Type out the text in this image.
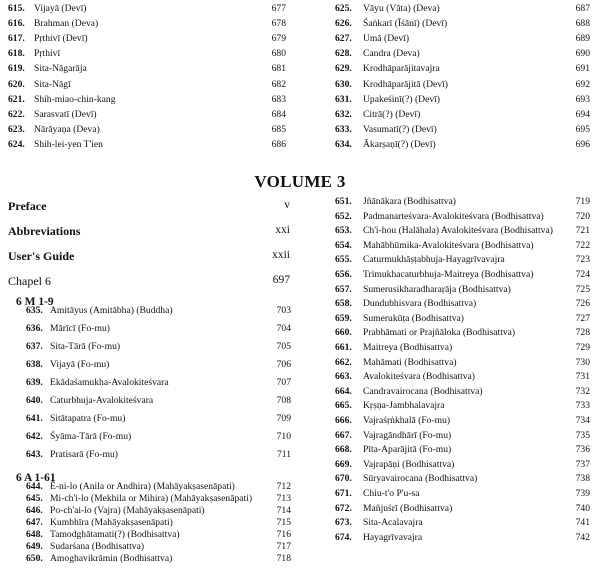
615. Vijayā (Devī)	677
616. Brahman (Deva)	678
617. Pṛthivī (Devī)	679
618. Pṛthivī	680
619. Sita-Nāgarāja	681
620. Sita-Nāgī	682
621. Shih-miao-chin-kang	683
622. Sarasvatī (Devī)	684
623. Nārāyaṇa (Deva)	685
624. Shih-lei-yen T'ien	686
625. Vāyu (Vāta) (Deva)	687
626. Śaṅkarī (Īśānī) (Devī)	688
627. Umā (Devī)	689
628. Candra (Deva)	690
629. Krodhāparājitavajra	691
630. Krodhāparājitā (Devī)	692
631. Upakeśinī(?) (Devī)	693
632. Citrā(?) (Devī)	694
633. Vasumatī(?) (Devī)	695
634. Ākarṣaṇī(?) (Devī)	696
VOLUME 3
Preface	v
Abbreviations	xxi
User's Guide	xxii
Chapel 6	697
6 M 1-9
635. Amitāyus (Amitābha) (Buddha)	703
636. Mārīcī (Fo-mu)	704
637. Sita-Tārā (Fo-mu)	705
638. Vijayā (Fo-mu)	706
639. Ekādaśamukha-Avalokiteśvara	707
640. Caturbhuja-Avalokiteśvara	708
641. Sitātapatra (Fo-mu)	709
642. Śyāma-Tārā (Fo-mu)	710
643. Pratisarā (Fo-mu)	711
6 A 1-61
644. Ē-ni-lo (Anila or Andhira) (Mahāyakṣasenāpati)	712
645. Mi-ch'i-lo (Mekhila or Mihira) (Mahāyakṣasenāpati)	713
646. Po-ch'ai-lo (Vajra) (Mahāyakṣasenāpati)	714
647. Kumbhīra (Mahāyakṣasenāpati)	715
648. Tamodghātamati(?) (Bodhisattva)	716
649. Sudarśana (Bodhisattva)	717
650. Amoghavikrāmin (Bodhisattva)	718
651. Jñānākara (Bodhisattva)	719
652. Padmanarteśvara-Avalokiteśvara (Bodhisattva)	720
653. Ch'i-hou (Halāhala) Avalokiteśvara (Bodhisattva)	721
654. Mahābhūmika-Avalokiteśvara (Bodhisattva)	722
655. Caturmukhāṣṭabhuja-Hayagrīvavajra	723
656. Trimukhacaturbhuja-Maitreya (Bodhisattva)	724
657. Sumerusikharadharaṛāja (Bodhisattva)	725
658. Dundubhisvara (Bodhisattva)	726
659. Sumerukūṭa (Bodhisattva)	727
660. Prabhāmati or Prajñāloka (Bodhisattva)	728
661. Maitreya (Bodhisattva)	729
662. Mahāmati (Bodhisattva)	730
663. Avalokiteśvara (Bodhisattva)	731
664. Candravairocana (Bodhisattva)	732
665. Kṛṣṇa-Jambhalavajra	733
666. Vajraśṛṅkhalā (Fo-mu)	734
667. Vajragāndhārī (Fo-mu)	735
668. Pīta-Aparājitā (Fo-mu)	736
669. Vajrapāṇi (Bodhisattva)	737
670. Sūryavairocana (Bodhisattva)	738
671. Chiu-t'o P'u-sa	739
672. Mañjuśrī (Bodhisattva)	740
673. Sita-Acalavajra	741
674. Hayagrīvavajra	742
